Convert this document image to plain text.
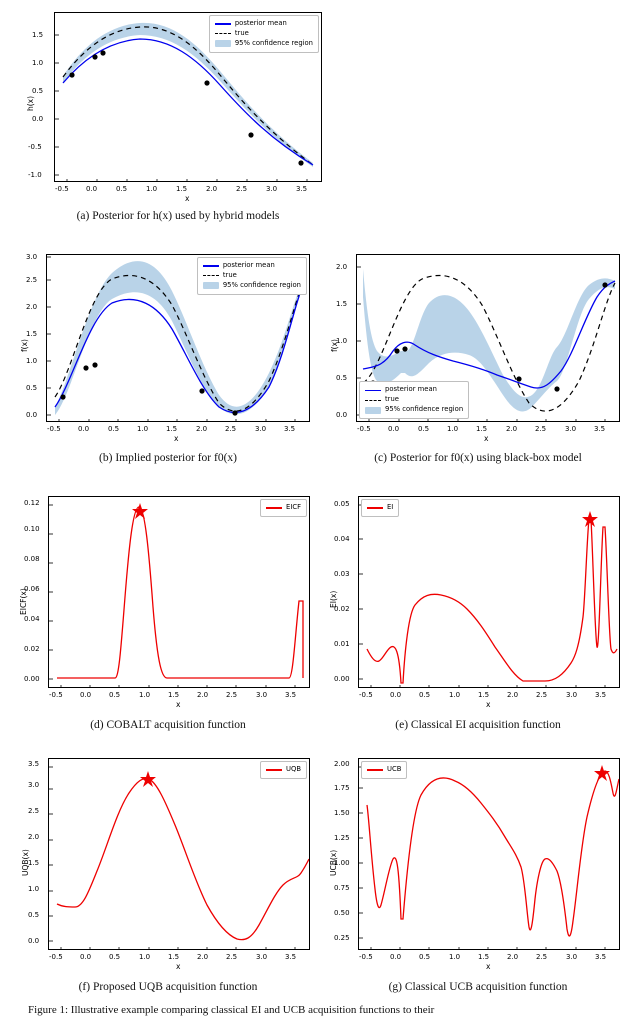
-1.0
-0.5
0.0
0.5
1.0
1.5
h(x)
posterior mean
true
95% confidence region
-0.5 0.0	0.5	1.0	1.5	2.0	2.5	3.0	3.5
x
(a) Posterior for h(x) used by hybrid models
0.0
0.5
1.0
1.5
2.0
2.5
3.0
f(x)
posterior mean
true
95% confidence region
-0.5 0.0	0.5	1.0	1.5	2.0	2.5	3.0	3.5
x
(b) Implied posterior for f0(x)
0.0
0.5
1.0
1.5
2.0
f(x)
posterior mean
true
95% confidence region
-0.5 0.0	0.5	1.0	1.5	2.0	2.5	3.0	3.5
x
(c) Posterior for f0(x) using black-box model
0.00
0.02
0.04
0.06
0.08
0.10
0.12
EICF(x)
EICF
-0.5 0.0	0.5	1.0	1.5	2.0	2.5	3.0	3.5
x
(d) COBALT acquisition function
0.00
0.01
0.02
0.03
0.04
0.05
EI(x)
EI
-0.5 0.0	0.5	1.0	1.5	2.0	2.5	3.0	3.5
x
(e) Classical EI acquisition function
0.0
0.5
1.0
1.5
2.0
2.5
3.0
3.5
UQB(x)
UQB
-0.5 0.0	0.5	1.0	1.5	2.0	2.5	3.0	3.5
x
(f) Proposed UQB acquisition function
0.25
0.50
0.75
1.00
1.25
1.50
1.75
2.00
UCB(x)
UCB
-0.5 0.0	0.5	1.0	1.5	2.0	2.5	3.0	3.5
x
(g) Classical UCB acquisition function
Figure 1: Illustrative example comparing classical EI and UCB acquisition functions to their
